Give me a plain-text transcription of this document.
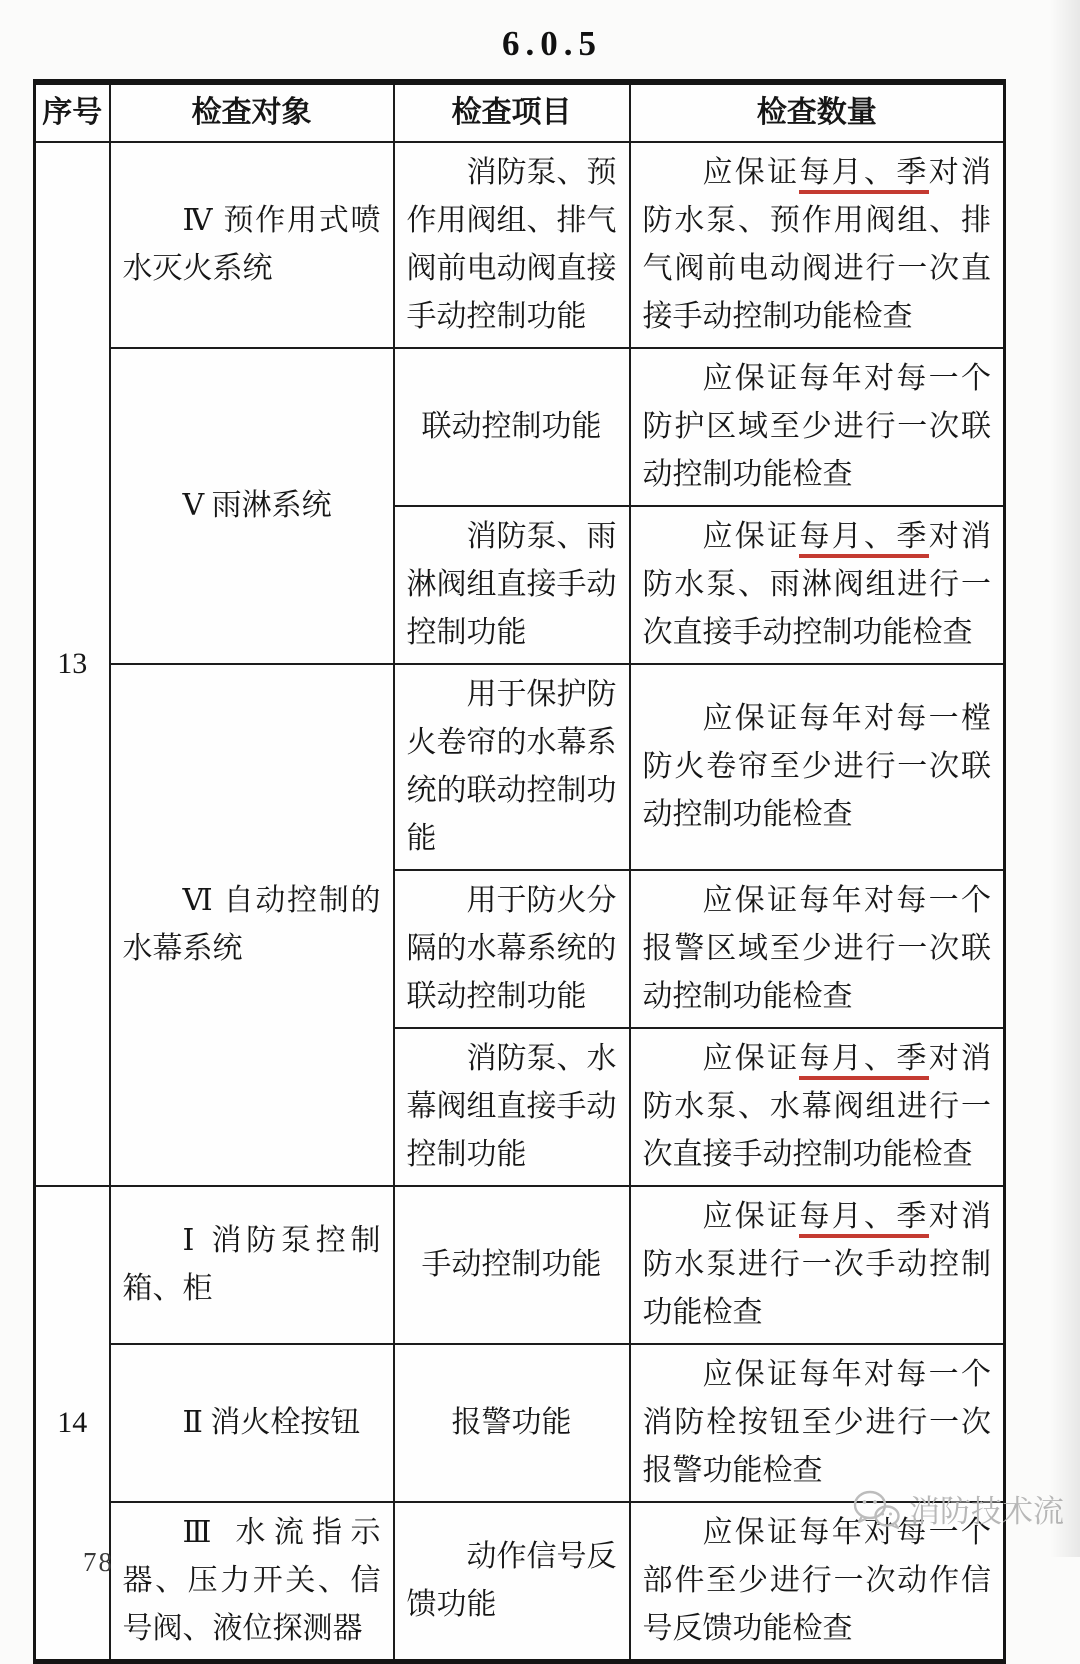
6.0.5
序号	检查对象	检查项目	检查数量
13	Ⅳ 预作用式喷水灭火系统	消防泵、预作用阀组、排气阀前电动阀直接手动控制功能	应保证每月、季对消防水泵、预作用阀组、排气阀前电动阀进行一次直接手动控制功能检查
	Ⅴ 雨淋系统	联动控制功能	应保证每年对每一个防护区域至少进行一次联动控制功能检查
		消防泵、雨淋阀组直接手动控制功能	应保证每月、季对消防水泵、雨淋阀组进行一次直接手动控制功能检查
	Ⅵ 自动控制的水幕系统	用于保护防火卷帘的水幕系统的联动控制功能	应保证每年对每一樘防火卷帘至少进行一次联动控制功能检查
		用于防火分隔的水幕系统的联动控制功能	应保证每年对每一个报警区域至少进行一次联动控制功能检查
		消防泵、水幕阀组直接手动控制功能	应保证每月、季对消防水泵、水幕阀组进行一次直接手动控制功能检查
14	Ⅰ 消防泵控制箱、柜	手动控制功能	应保证每月、季对消防水泵进行一次手动控制功能检查
	Ⅱ 消火栓按钮	报警功能	应保证每年对每一个消防栓按钮至少进行一次报警功能检查
	Ⅲ 水流指示器、压力开关、信号阀、液位探测器	动作信号反馈功能	应保证每年对每一个部件至少进行一次动作信号反馈功能检查
消防技术流
78
